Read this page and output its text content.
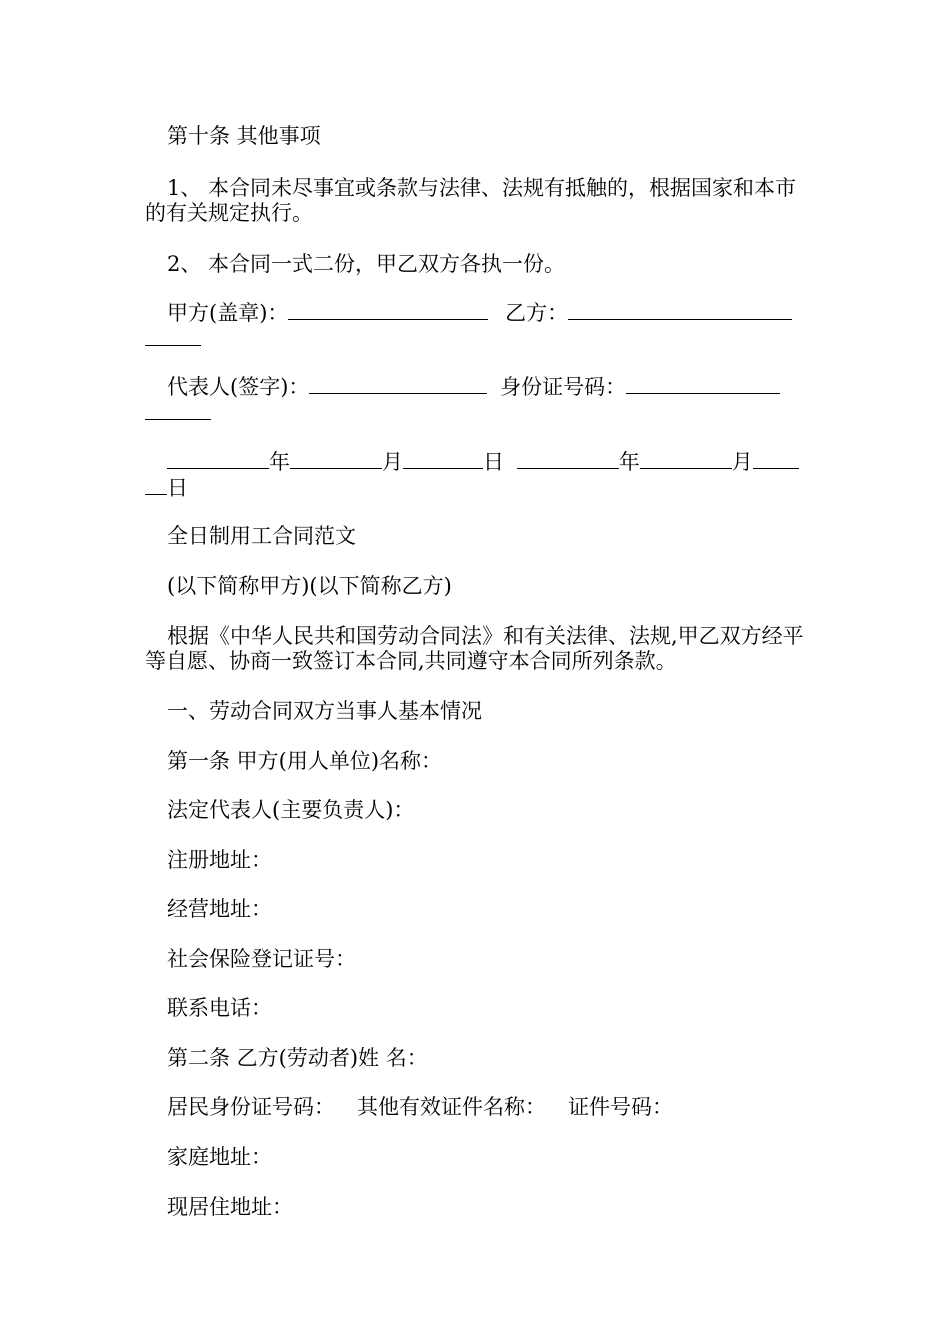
第十条 其他事项
1、 本合同未尽事宜或条款与法律、法规有抵触的，根据国家和本市的有关规定执行。
2、 本合同一式二份，甲乙双方各执一份。
甲方(盖章)：	乙方：
代表人(签字)：	身份证号码：
年	月	日	年	月
日
全日制用工合同范文
(以下简称甲方)(以下简称乙方)
根据《中华人民共和国劳动合同法》和有关法律、法规,甲乙双方经平等自愿、协商一致签订本合同,共同遵守本合同所列条款。
一、劳动合同双方当事人基本情况
第一条 甲方(用人单位)名称：
法定代表人(主要负责人)：
注册地址：
经营地址：
社会保险登记证号：
联系电话：
第二条 乙方(劳动者)姓 名：
居民身份证号码： 其他有效证件名称： 证件号码：
家庭地址：
现居住地址：
